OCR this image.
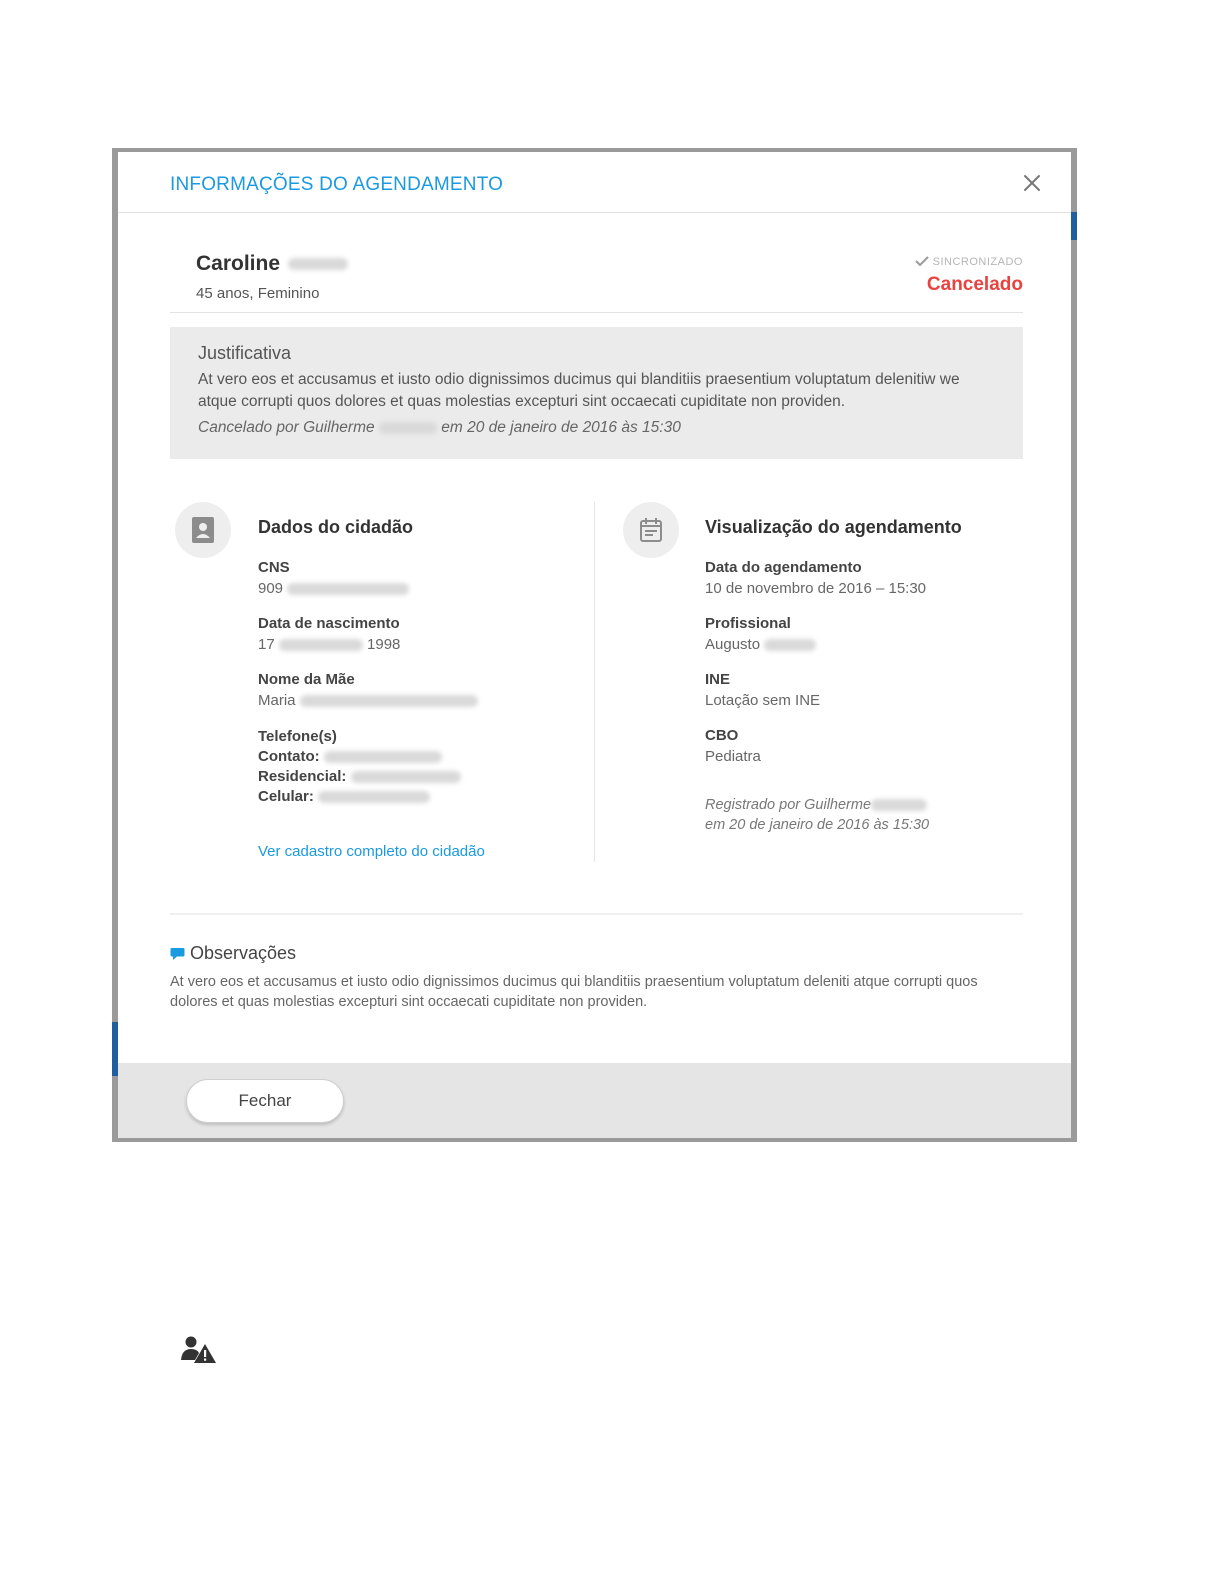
INFORMAÇÕES DO AGENDAMENTO
Caroline
45 anos, Feminino
SINCRONIZADO
Cancelado
Justificativa
At vero eos et accusamus et iusto odio dignissimos ducimus qui blanditiis praesentium voluptatum delenitiw we atque corrupti quos dolores et quas molestias excepturi sint occaecati cupiditate non providen.
Cancelado por Guilherme	em 20 de janeiro de 2016 às 15:30
Dados do cidadão
CNS
909
Data de nascimento
17	1998
Nome da Mãe
Maria
Telefone(s)
Contato:
Residencial:
Celular:
Ver cadastro completo do cidadão
Visualização do agendamento
Data do agendamento
10 de novembro de 2016 – 15:30
Profissional
Augusto
INE
Lotação sem INE
CBO
Pediatra
Registrado por Guilherme
em 20 de janeiro de 2016 às 15:30
Observações
At vero eos et accusamus et iusto odio dignissimos ducimus qui blanditiis praesentium voluptatum deleniti atque corrupti quos dolores et quas molestias excepturi sint occaecati cupiditate non providen.
Fechar
